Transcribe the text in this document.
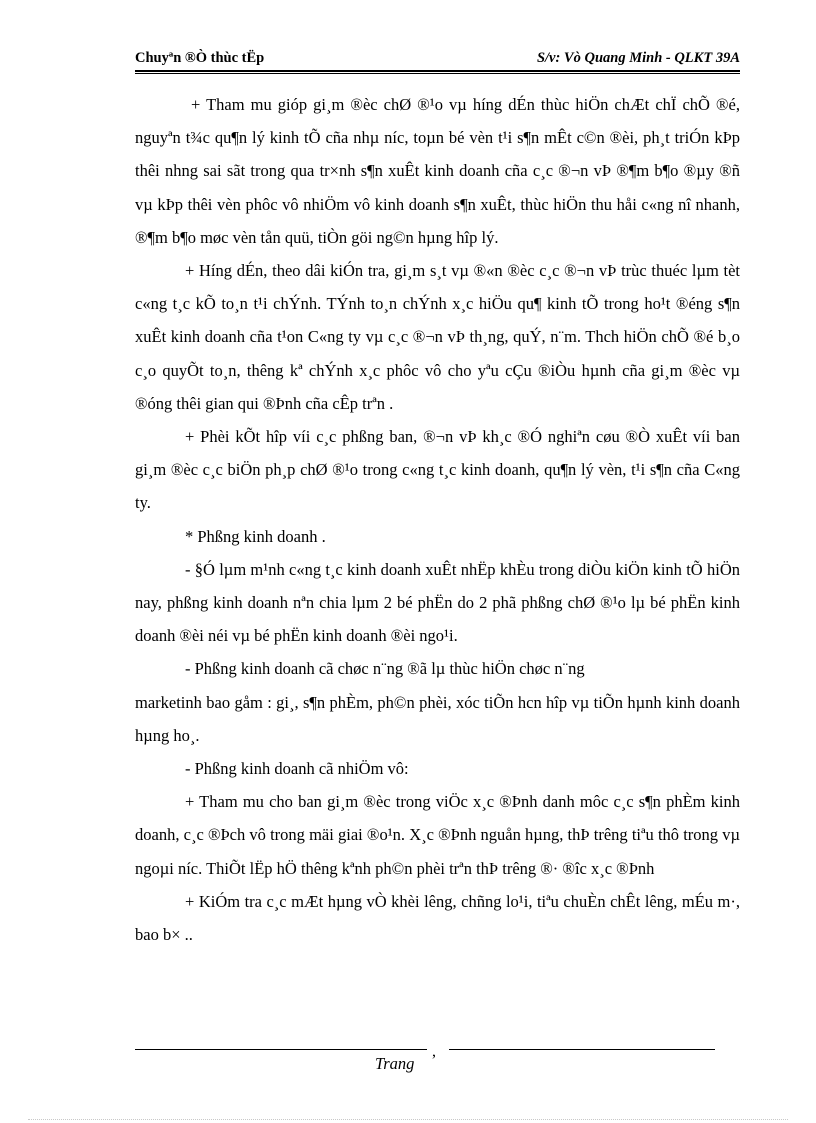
Chuyªn ®Ò thùc tËp	S/v: Vò Quang Minh - QLKT 39A

+ Tham mu gióp gi¸m ®èc chØ ®¹o vµ híng dÉn thùc hiÖn chÆt chÏ chÕ ®é, nguyªn t¾c qu¶n lý kinh tÕ cña nhµ níc, toµn bé vèn t¹i s¶n mÊt c©n ®èi, ph¸t triÓn kÞp thêi nhng sai sãt trong qua tr×nh s¶n xuÊt kinh doanh cña c¸c ®¬n vÞ ®¶m b¶o ®µy ®ñ vµ kÞp thêi vèn phôc vô nhiÖm vô kinh doanh s¶n xuÊt, thùc hiÖn thu håi c«ng nî nhanh, ®¶m b¶o møc vèn tån quü, tiÒn göi ng©n hµng hîp lý.

+ Híng dÉn, theo dâi kiÓn tra, gi¸m s¸t vµ ®«n ®èc c¸c ®¬n vÞ trùc thuéc lµm tèt c«ng t¸c kÕ to¸n t¹i chÝnh. TÝnh to¸n chÝnh x¸c hiÖu qu¶ kinh tÕ trong ho¹t ®éng s¶n xuÊt kinh doanh cña t¹on C«ng ty vµ c¸c ®¬n vÞ th¸ng, quÝ, n¨m. Thch hiÖn chÕ ®é b¸o c¸o quyÕt to¸n, thêng kª chÝnh x¸c phôc vô cho yªu cÇu ®iÒu hµnh cña gi¸m ®èc vµ ®óng thêi gian qui ®Þnh cña cÊp trªn .

+ Phèi kÕt hîp víi c¸c phßng ban, ®¬n vÞ kh¸c ®Ó nghiªn cøu ®Ò xuÊt víi ban gi¸m ®èc c¸c biÖn ph¸p chØ ®¹o trong c«ng t¸c kinh doanh, qu¶n lý vèn, t¹i s¶n cña C«ng ty.

* Phßng kinh doanh .

- §Ó lµm m¹nh c«ng t¸c kinh doanh xuÊt nhËp khÈu trong diÒu kiÖn kinh tÕ hiÖn nay, phßng kinh doanh nªn chia lµm 2 bé phËn do 2 phã phßng chØ ®¹o lµ bé phËn kinh doanh ®èi néi vµ bé phËn kinh doanh ®èi ngo¹i.

- Phßng kinh doanh cã chøc n¨ng ®ã lµ thùc hiÖn chøc n¨ng

marketinh bao gåm : gi¸, s¶n phÈm, ph©n phèi, xóc tiÕn hcn hîp vµ tiÕn hµnh kinh doanh hµng ho¸.

- Phßng kinh doanh cã nhiÖm vô:

+ Tham mu cho ban gi¸m ®èc trong viÖc x¸c ®Þnh danh môc c¸c s¶n phÈm kinh doanh, c¸c ®Þch vô trong mäi giai ®o¹n. X¸c ®Þnh nguån hµng, thÞ trêng tiªu thô trong vµ ngoµi níc. ThiÕt lËp hÖ thêng kªnh ph©n phèi trªn thÞ trêng ®· ®îc x¸c ®Þnh

+ KiÓm tra c¸c mÆt hµng vÒ khèi lêng, chñng lo¹i, tiªu chuÈn chÊt lêng, mÉu m·, bao b× ..

,
Trang
